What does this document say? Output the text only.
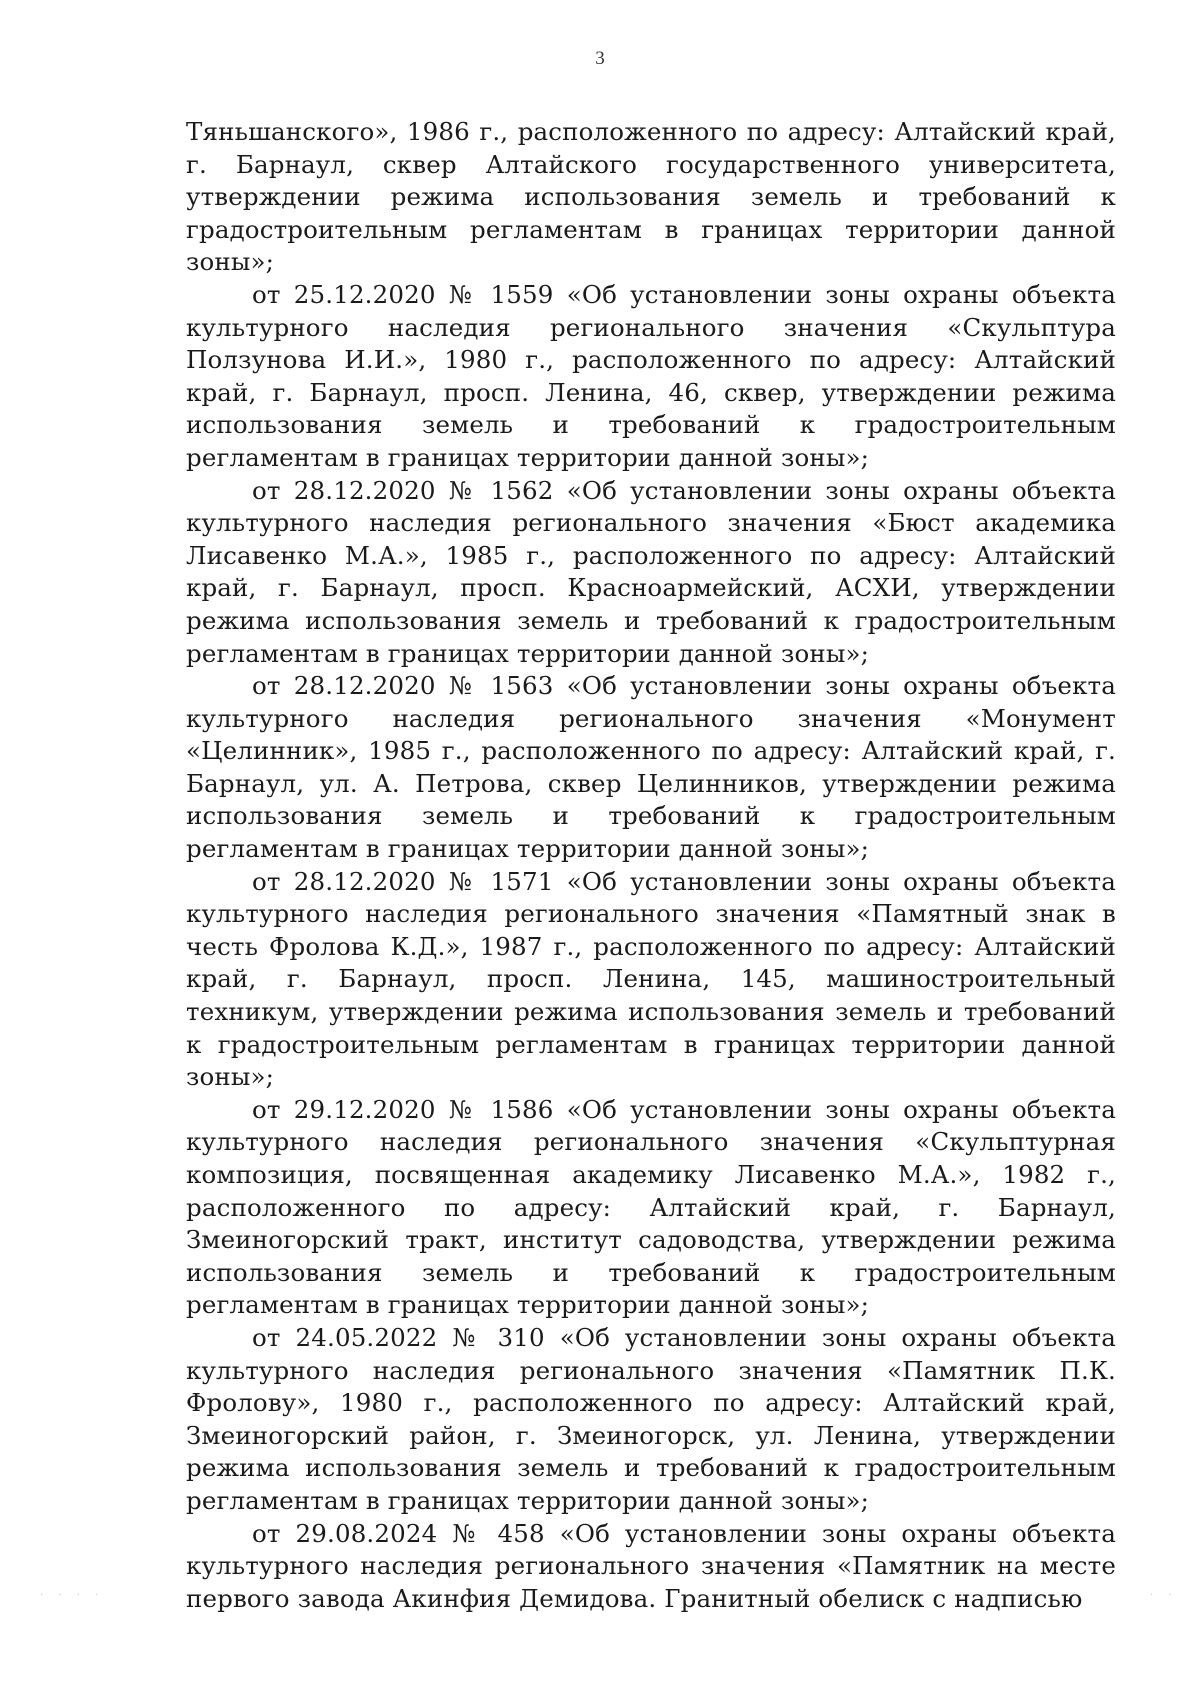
3

Тяньшанского», 1986 г., расположенного по адресу: Алтайский край, г. Барнаул, сквер Алтайского государственного университета, утверждении режима использования земель и требований к градостроительным регламентам в границах территории данной зоны»;

от 25.12.2020 № 1559 «Об установлении зоны охраны объекта культурного наследия регионального значения «Скульптура Ползунова И.И.», 1980 г., расположенного по адресу: Алтайский край, г. Барнаул, просп. Ленина, 46, сквер, утверждении режима использования земель и требований к градостроительным регламентам в границах территории данной зоны»;

от 28.12.2020 № 1562 «Об установлении зоны охраны объекта культурного наследия регионального значения «Бюст академика Лисавенко М.А.», 1985 г., расположенного по адресу: Алтайский край, г. Барнаул, просп. Красноармейский, АСХИ, утверждении режима использования земель и требований к градостроительным регламентам в границах территории данной зоны»;

от 28.12.2020 № 1563 «Об установлении зоны охраны объекта культурного наследия регионального значения «Монумент «Целинник», 1985 г., расположенного по адресу: Алтайский край, г. Барнаул, ул. А. Петрова, сквер Целинников, утверждении режима использования земель и требований к градостроительным регламентам в границах территории данной зоны»;

от 28.12.2020 № 1571 «Об установлении зоны охраны объекта культурного наследия регионального значения «Памятный знак в честь Фролова К.Д.», 1987 г., расположенного по адресу: Алтайский край, г. Барнаул, просп. Ленина, 145, машиностроительный техникум, утверждении режима использования земель и требований к градостроительным регламентам в границах территории данной зоны»;

от 29.12.2020 № 1586 «Об установлении зоны охраны объекта культурного наследия регионального значения «Скульптурная композиция, посвященная академику Лисавенко М.А.», 1982 г., расположенного по адресу: Алтайский край, г. Барнаул, Змеиногорский тракт, институт садоводства, утверждении режима использования земель и требований к градостроительным регламентам в границах территории данной зоны»;

от 24.05.2022 № 310 «Об установлении зоны охраны объекта культурного наследия регионального значения «Памятник П.К. Фролову», 1980 г., расположенного по адресу: Алтайский край, Змеиногорский район, г. Змеиногорск, ул. Ленина, утверждении режима использования земель и требований к градостроительным регламентам в границах территории данной зоны»;

от 29.08.2024 № 458 «Об установлении зоны охраны объекта культурного наследия регионального значения «Памятник на месте первого завода Акинфия Демидова. Гранитный обелиск с надписью

· · · ·	· ·
